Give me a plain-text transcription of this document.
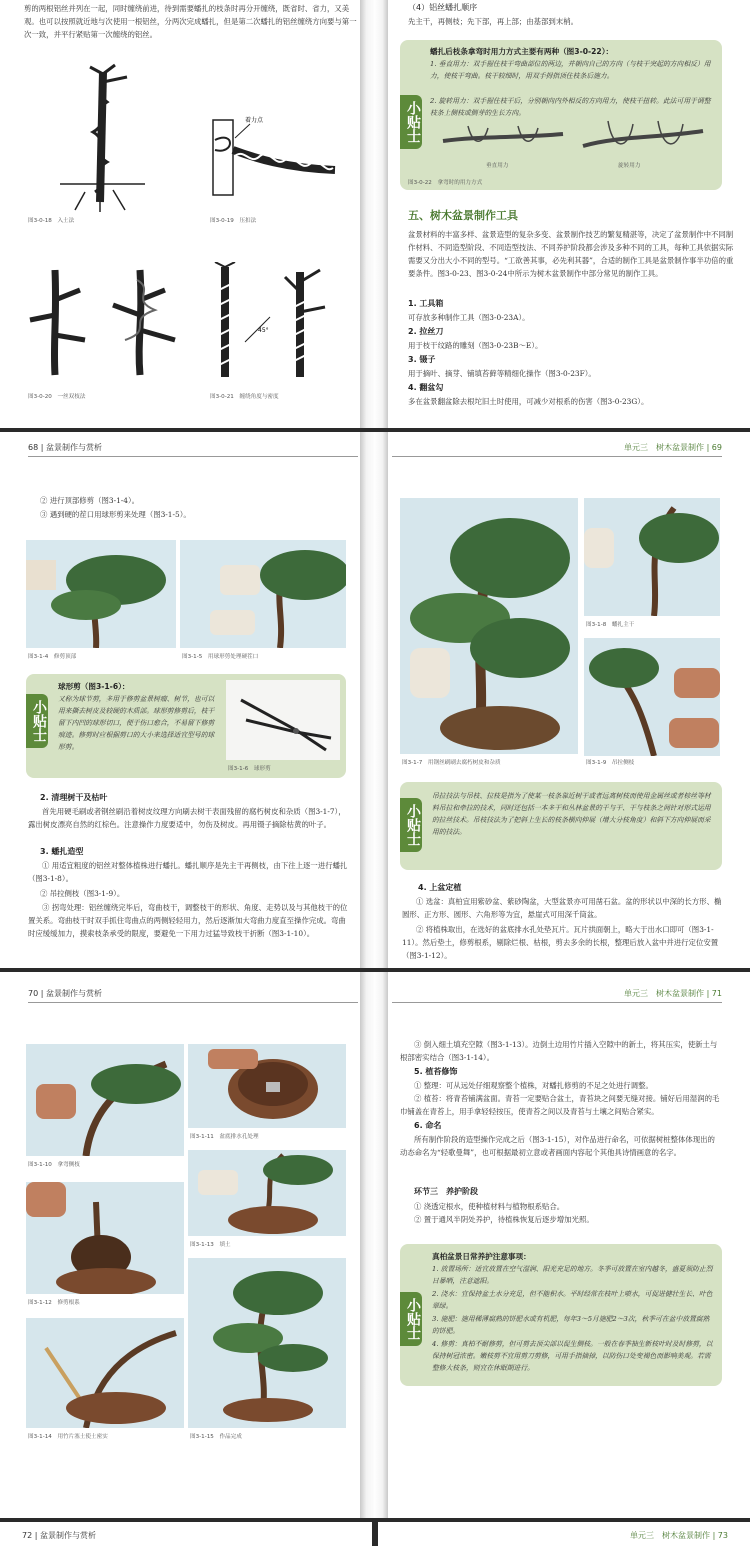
剪的两根铝丝并列在一起，同时缠绕前进，待到需要蟠扎的枝条时再分开缠绕，既省时、省力，又美观。也可以按照就近地与次使用一根铝丝，分两次完成蟠扎，但是第二次蟠扎的铝丝缠绕方向要与第一次一致，并平行紧贴第一次缠绕的铝丝。
图3-0-18　入土法
着力点
图3-0-19　压扣法
图3-0-20　一丝双枝法
45°
图3-0-21　缠绕角度与密度
（4）铝丝蟠扎顺序
先主干，再侧枝；先下部，再上部；由基部到末梢。
小贴士
蟠扎后枝条拿弯时用力方式主要有两种（图3-0-22）：
1. 垂直用力：双手握住枝干弯曲部位的两边，并朝向自己的方向（与枝干突起的方向相反）用力，使枝干弯曲。枝干较细时，用双手拇指顶住枝条后施力。
2. 旋转用力：双手握住枝干后，分别朝向内外相反的方向用力，使枝干扭转。此法可用于调整枝条上侧枝或侧芽的生长方向。
垂直用力	旋转用力
图3-0-22　拿弯时的用力方式
五、树木盆景制作工具
盆景材料的丰富多样、盆景造型的复杂多变、盆景制作技艺的繁复精湛等，决定了盆景制作中不同制作材料、不同造型阶段、不同造型技法、不同养护阶段都会涉及多种不同的工具，每种工具依据实际需要又分出大小不同的型号。“工欲善其事，必先利其器”，合适的制作工具是盆景制作事半功倍的重要条件。图3-0-23、图3-0-24中所示为树木盆景制作中部分常见的制作工具。
1. 工具箱
可存放多种制作工具（图3-0-23A）。
2. 拉丝刀
用于枝干纹路的雕刻（图3-0-23B～E）。
3. 镊子
用于摘叶、摘芽、铺填苔藓等精细化操作（图3-0-23F）。
4. 翻盆勾
多在盆景翻盆除去根坨旧土时使用，可减少对根系的伤害（图3-0-23G）。
68 | 盆景制作与赏析
② 进行顶部修剪（图3-1-4）。
③ 遇到硬的茬口用球形剪来处理（图3-1-5）。
图3-1-4　修剪顶部	图3-1-5　用球形剪处理硬茬口
小贴士
球形剪（图3-1-6）：
又称为球节剪，多用于修剪盆景树瘤、树节，也可以用来撕去树皮及较硬的木质部。球形剪修剪后，枝干留下内凹的球形切口，便于伤口愈合，不易留下修剪痕迹。修剪时应根据剪口的大小来选择适宜型号的球形剪。
图3-1-6　球形剪
2. 清理树干及枯叶
首先用硬毛刷或者钢丝刷沿着树皮纹理方向刷去树干表面残留的腐朽树皮和杂质（图3-1-7），露出树皮漂亮自然的红棕色。注意操作力度要适中，勿伤及树皮。再用镊子摘除枯黄的叶子。
3. 蟠扎造型
① 用适宜粗度的铝丝对整体植株进行蟠扎。蟠扎顺序是先主干再侧枝，由下往上逐一进行蟠扎（图3-1-8）。
② 吊拉侧枝（图3-1-9）。
③ 拐弯处理：铝丝缠绕完毕后，弯曲枝干，调整枝干的形状、角度、走势以及与其他枝干的位置关系。弯曲枝干时双手抓住弯曲点的两侧轻轻用力，然后逐渐加大弯曲力度直至操作完成。弯曲时应缓缓加力，摸索枝条承受的限度，要避免一下用力过猛导致枝干折断（图3-1-10）。
单元三　树木盆景制作 | 69
图3-1-8　蟠扎主干
图3-1-7　用钢丝刷刷去腐朽树皮和杂质	图3-1-9　吊拉侧枝
小贴士
吊拉技法与吊枝、拉枝是指为了使某一枝条靠近树干或者远离树枝而使用金属丝或者棕丝等材料吊拉和牵拉的技术，同时还包括一本多干和丛林盆景的干与干、干与枝条之间针对形式运用的拉丝技术。吊枝技法为了把斜上生长的枝条横向伸展（增大分枝角度）和斜下方向伸展而采用的技法。
4. 上盆定植
① 选盆：真柏宜用紫砂盆、紫砂陶盆，大型盆景亦可用凿石盆。盆的形状以中深的长方形、椭圆形、正方形、圆形、六角形等为宜，悬崖式可用深千筒盆。
② 将植株取出，在选好的盆底排水孔处垫瓦片。瓦片拱面朝上，略大于出水口即可（图3-1-11）。然后垫土，修剪根系，剔除烂根、枯根，剪去多余的长根，整理后放入盆中并进行定位安置（图3-1-12）。
70 | 盆景制作与赏析
图3-1-10　拿弯侧枝
图3-1-11　盆底排水孔处理
图3-1-12　修剪根系
图3-1-13　填土
图3-1-14　用竹片塞土使土密实	图3-1-15　作品完成
单元三　树木盆景制作 | 71
③ 倒入细土填充空隙（图3-1-13）。边倒土边用竹片插入空隙中的新土，将其压实，使新土与根部密实结合（图3-1-14）。
5. 植苔修饰
① 整理：可从远处仔细观察整个植株，对蟠扎修剪的不足之处进行调整。
② 植苔：将青苔铺满盆面。青苔一定要贴合盆土，青苔块之间要无缝对接。铺好后用湿润的毛巾铺盖在青苔上，用手拿轻轻按压，使青苔之间以及青苔与土壤之间贴合紧实。
6. 命名
所有制作阶段的造型操作完成之后（图3-1-15），对作品进行命名，可依据树桩整体体现出的动态命名为“轻歌曼舞”，也可根据最初立意或者画面内容起个其他具诗情画意的名字。
环节三　养护阶段
① 浇透定根水，使种植材料与植物根系贴合。
② 置于通风半阴处养护，待植株恢复后逐步增加光照。
小贴士
真柏盆景日常养护注意事项：
1. 放置场所：适宜放置在空气湿润、阳光充足的地方。冬季可放置在室内越冬，盛夏须防止烈日暴晒，注意遮阳。
2. 浇水：宜保持盆土水分充足，但不能积水。平时经常在枝叶上喷水，可促进健壮生长、叶色翠绿。
3. 施肥：施用稀薄腐熟的饼肥水或有机肥，每年3～5月施肥2～3次，秋季可在盆中放置腐熟的饼肥。
4. 修剪：真柏不耐修剪，但可剪去顶尖部以促生侧枝。一般在春季抽生新枝叶时及时修剪，以保持树冠浓密。嫩枝剪不宜用剪刀剪修，可用手指摘掉，以防伤口处变褐色而影响美观。若需整修大枝条，则宜在休眠期进行。
72 | 盆景制作与赏析	单元三　树木盆景制作 | 73
